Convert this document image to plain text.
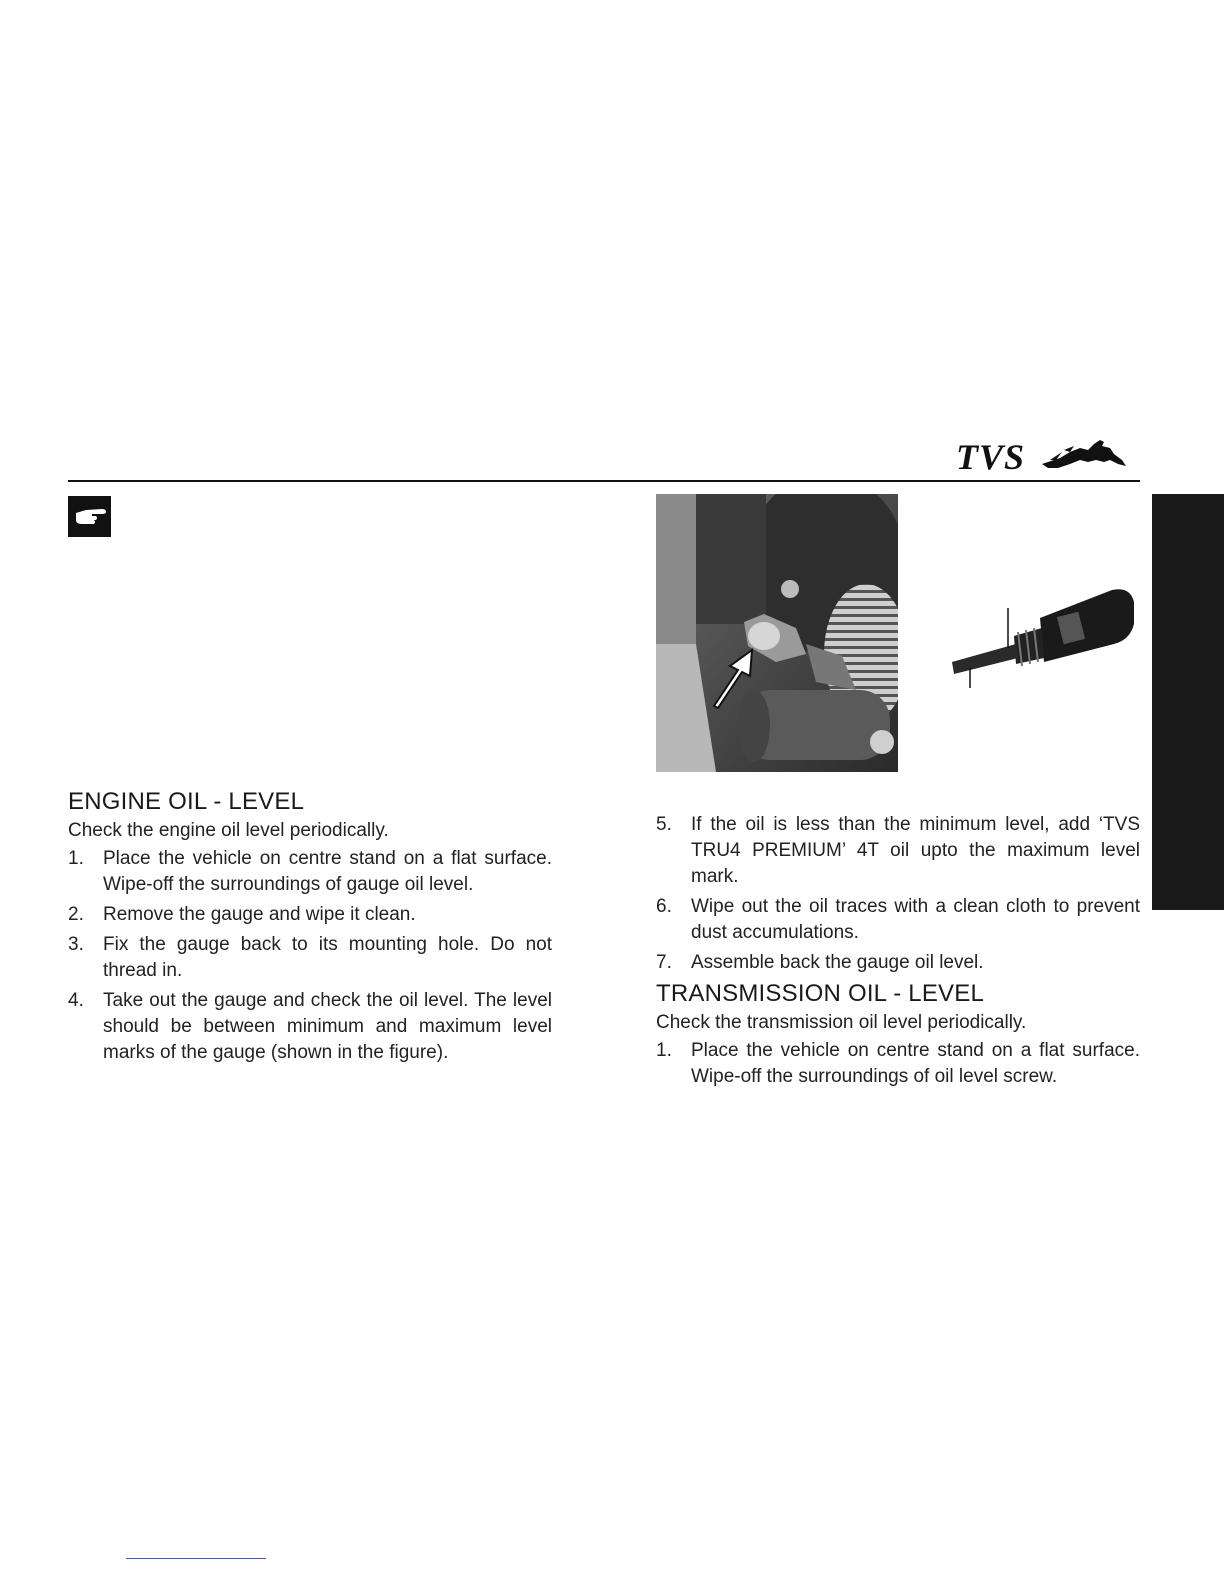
TVS
ENGINE OIL - LEVEL

Check the engine oil level periodically.

1. Place the vehicle on centre stand on a flat surface. Wipe-off the surroundings of gauge oil level.
2. Remove the gauge and wipe it clean.
3. Fix the gauge back to its mounting hole. Do not thread in.
4. Take out the gauge and check the oil level. The level should be between minimum and maximum level marks of the gauge (shown in the figure).
5. If the oil is less than the minimum level, add ‘TVS TRU4 PREMIUM’ 4T oil upto the maximum level mark.
6. Wipe out the oil traces with a clean cloth to prevent dust accumulations.
7. Assemble back the gauge oil level.
TRANSMISSION OIL - LEVEL

Check the transmission oil level periodically.

1. Place the vehicle on centre stand on a flat surface. Wipe-off the surroundings of oil level screw.
